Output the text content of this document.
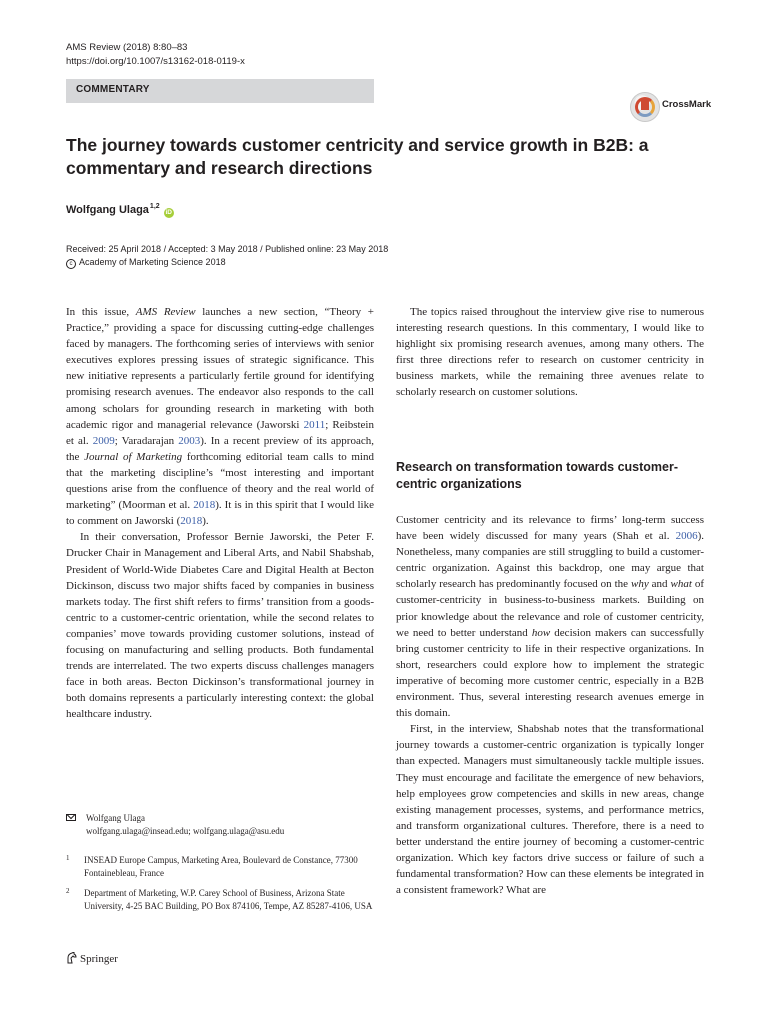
AMS Review (2018) 8:80–83
https://doi.org/10.1007/s13162-018-0119-x
COMMENTARY
CrossMark
The journey towards customer centricity and service growth in B2B: a commentary and research directions
Wolfgang Ulaga$^{1,2}$ iD
Received: 25 April 2018 / Accepted: 3 May 2018 / Published online: 23 May 2018
c Academy of Marketing Science 2018

In this issue, AMS Review launches a new section, “Theory + Practice,” providing a space for discussing cutting-edge challenges faced by managers. The forthcoming series of interviews with senior executives explores pressing issues of strategic significance. This new initiative represents a particularly fertile ground for identifying promising research avenues. The endeavor also responds to the call among scholars for grounding research in marketing with both academic rigor and managerial relevance (Jaworski 2011; Reibstein et al. 2009; Varadarajan 2003). In a recent preview of its approach, the Journal of Marketing forthcoming editorial team calls to mind that the marketing discipline’s “most interesting and important questions arise from the confluence of theory and the real world of marketing” (Moorman et al. 2018). It is in this spirit that I would like to comment on Jaworski (2018).

In their conversation, Professor Bernie Jaworski, the Peter F. Drucker Chair in Management and Liberal Arts, and Nabil Shabshab, President of World-Wide Diabetes Care and Digital Health at Becton Dickinson, discuss two major shifts faced by companies in business markets today. The first shift refers to firms’ transition from a goods-centric to a customer-centric orientation, while the second relates to companies’ move towards providing customer solutions, instead of focusing on manufacturing and selling products. Both fundamental trends are interrelated. The two experts discuss challenges managers face in both areas. Becton Dickinson’s transformational journey in both domains represents a particularly interesting context: the global healthcare industry.

The topics raised throughout the interview give rise to numerous interesting research questions. In this commentary, I would like to highlight six promising research avenues, among many others. The first three directions refer to research on customer centricity in business markets, while the remaining three avenues relate to scholarly research on customer solutions.

Research on transformation towards customer-centric organizations

Customer centricity and its relevance to firms’ long-term success have been widely discussed for many years (Shah et al. 2006). Nonetheless, many companies are still struggling to build a customer-centric organization. Against this backdrop, one may argue that scholarly research has predominantly focused on the why and what of customer-centricity in business-to-business markets. Building on prior knowledge about the relevance and role of customer centricity, we need to better understand how decision makers can successfully bring customer centricity to life in their respective organizations. In short, researchers could explore how to implement the strategic imperative of becoming more customer centric, especially in a B2B environment. Thus, several interesting research avenues emerge in this domain.

First, in the interview, Shabshab notes that the transformational journey towards a customer-centric organization is typically longer than expected. Managers must simultaneously tackle multiple issues. They must encourage and facilitate the emergence of new behaviors, help employees grow competencies and skills in new areas, change existing management processes, systems, and performance metrics, and transform organizational cultures. Therefore, there is a need to better understand the entire journey of becoming a customer-centric organization. Which key factors drive success or failure of such a fundamental transformation? How can these elements be integrated in a consistent framework? What are

Wolfgang Ulaga
wolfgang.ulaga@insead.edu; wolfgang.ulaga@asu.edu
1 INSEAD Europe Campus, Marketing Area, Boulevard de Constance, 77300 Fontainebleau, France
2 Department of Marketing, W.P. Carey School of Business, Arizona State University, 4-25 BAC Building, PO Box 874106, Tempe, AZ 85287-4106, USA
Springer
